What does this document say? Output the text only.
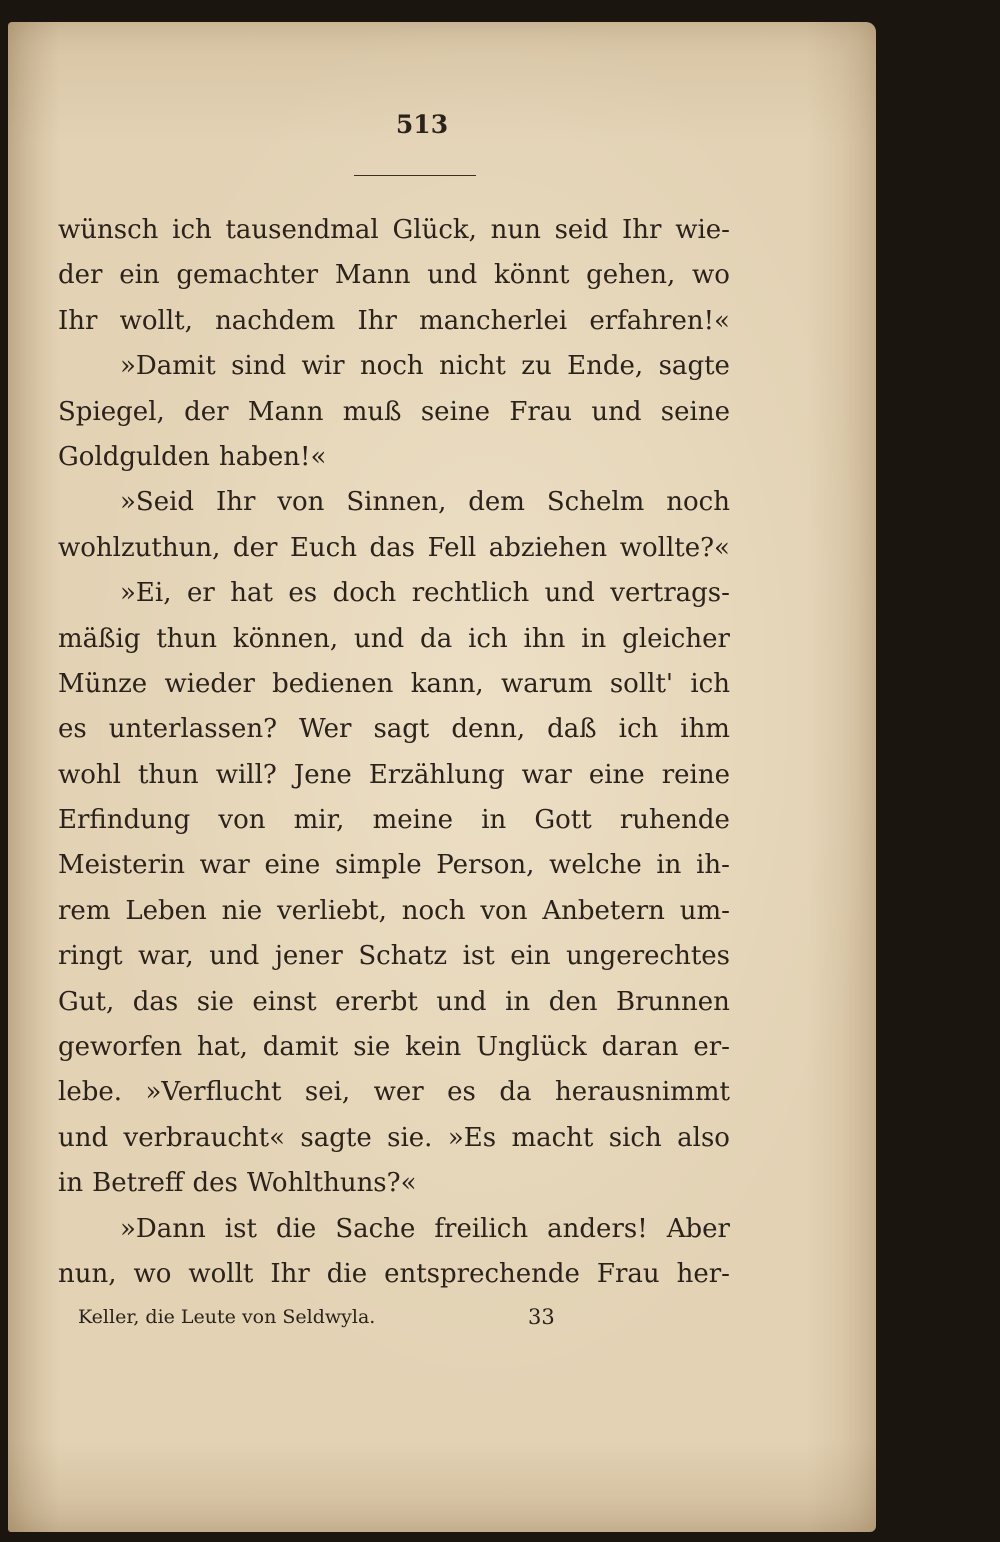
513

wünsch ich tausendmal Glück, nun seid Ihr wie-
der ein gemachter Mann und könnt gehen, wo
Ihr wollt, nachdem Ihr mancherlei erfahren!«
»Damit sind wir noch nicht zu Ende, sagte
Spiegel, der Mann muß seine Frau und seine
Goldgulden haben!«
»Seid Ihr von Sinnen, dem Schelm noch
wohlzuthun, der Euch das Fell abziehen wollte?«
»Ei, er hat es doch rechtlich und vertrags-
mäßig thun können, und da ich ihn in gleicher
Münze wieder bedienen kann, warum sollt' ich
es unterlassen? Wer sagt denn, daß ich ihm
wohl thun will? Jene Erzählung war eine reine
Erfindung von mir, meine in Gott ruhende
Meisterin war eine simple Person, welche in ih-
rem Leben nie verliebt, noch von Anbetern um-
ringt war, und jener Schatz ist ein ungerechtes
Gut, das sie einst ererbt und in den Brunnen
geworfen hat, damit sie kein Unglück daran er-
lebe. »Verflucht sei, wer es da herausnimmt
und verbraucht« sagte sie. »Es macht sich also
in Betreff des Wohlthuns?«
»Dann ist die Sache freilich anders! Aber
nun, wo wollt Ihr die entsprechende Frau her-
Keller, die Leute von Seldwyla.	33
